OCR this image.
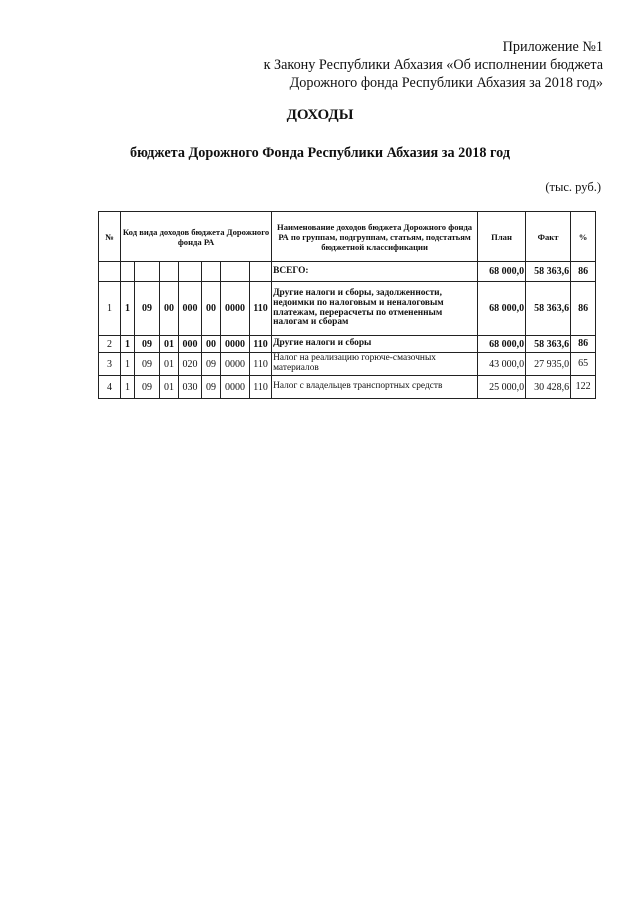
Приложение №1
к Закону Республики Абхазия «Об исполнении бюджета
Дорожного фонда Республики Абхазия за 2018 год»
ДОХОДЫ
бюджета Дорожного Фонда Республики Абхазия за 2018 год
(тыс. руб.)
№	Код вида доходов бюджета Дорожного фонда РА							Наименование доходов бюджета Дорожного фонда РА по группам, подгруппам, статьям, подстатьям бюджетной классификации	План	Факт	%
								ВСЕГО:	68 000,0	58 363,6	86
1	1	09	00	000	00	0000	110	Другие налоги и сборы, задолженности, недоимки по налоговым и неналоговым платежам, перерасчеты по отмененным налогам и сборам	68 000,0	58 363,6	86
2	1	09	01	000	00	0000	110	Другие налоги и сборы	68 000,0	58 363,6	86
3	1	09	01	020	09	0000	110	Налог на реализацию горюче-смазочных материалов	43 000,0	27 935,0	65
4	1	09	01	030	09	0000	110	Налог с владельцев транспортных средств	25 000,0	30 428,6	122
